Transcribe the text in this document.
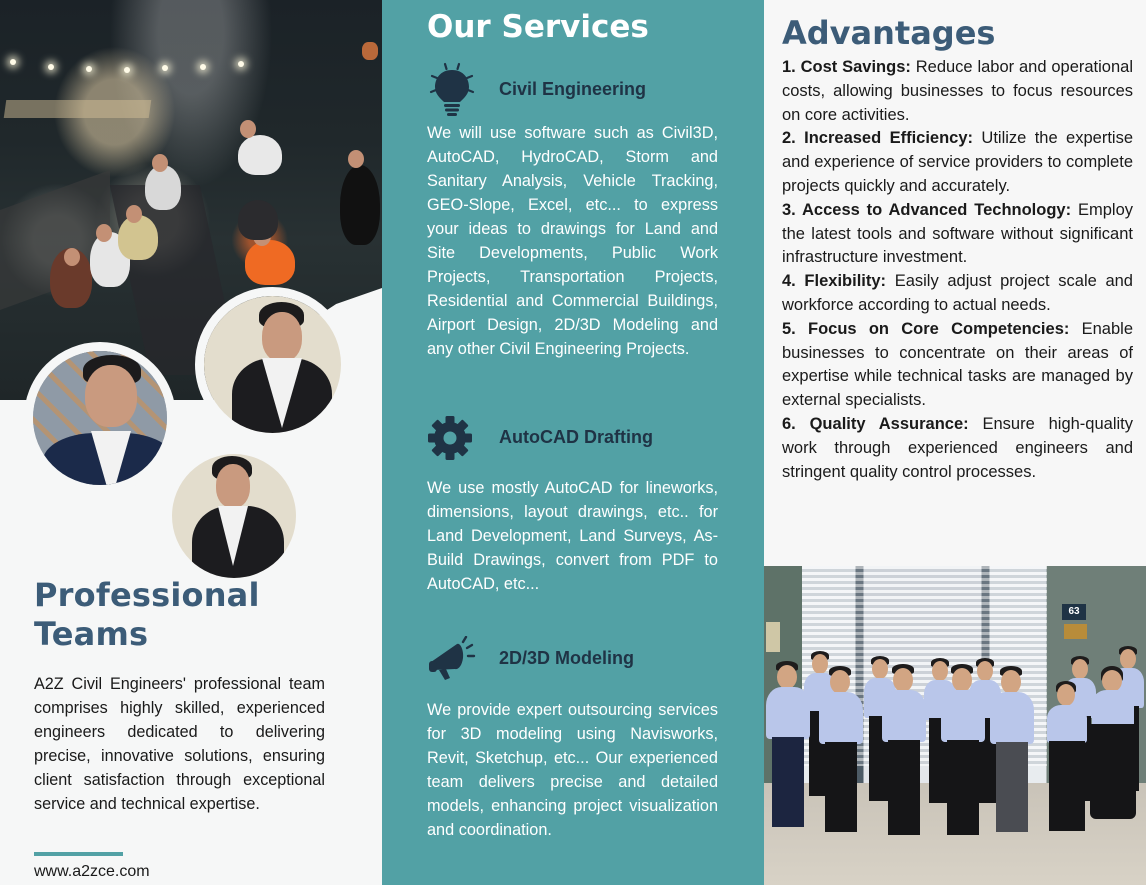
Professional
Teams

A2Z Civil Engineers' professional team comprises highly skilled, experienced engineers dedicated to delivering precise, innovative solutions, ensuring client satisfaction through exceptional service and technical expertise.

www.a2zce.com
Our Services
Civil Engineering

We will use software such as Civil3D, AutoCAD, HydroCAD, Storm and Sanitary Analysis, Vehicle Tracking, GEO-Slope, Excel, etc... to express your ideas to drawings for Land and Site Developments, Public Work Projects, Transportation Projects, Residential and Commercial Buildings, Airport Design, 2D/3D Modeling and any other Civil Engineering Projects.

AutoCAD Drafting

We use mostly AutoCAD for lineworks, dimensions, layout drawings, etc.. for Land Development, Land Surveys, As-Build Drawings, convert from PDF to AutoCAD, etc...

2D/3D Modeling

We provide expert outsourcing services for 3D modeling using Navisworks, Revit, Sketchup, etc... Our experienced team delivers precise and detailed models, enhancing project visualization and coordination.

Advantages

1. Cost Savings: Reduce labor and operational costs, allowing businesses to focus resources on core activities.

2. Increased Efficiency: Utilize the expertise and experience of service providers to complete projects quickly and accurately.

3. Access to Advanced Technology: Employ the latest tools and software without significant infrastructure investment.

4. Flexibility: Easily adjust project scale and workforce according to actual needs.

5. Focus on Core Competencies: Enable businesses to concentrate on their areas of expertise while technical tasks are managed by external specialists.

6. Quality Assurance: Ensure high-quality work through experienced engineers and stringent quality control processes.

63
